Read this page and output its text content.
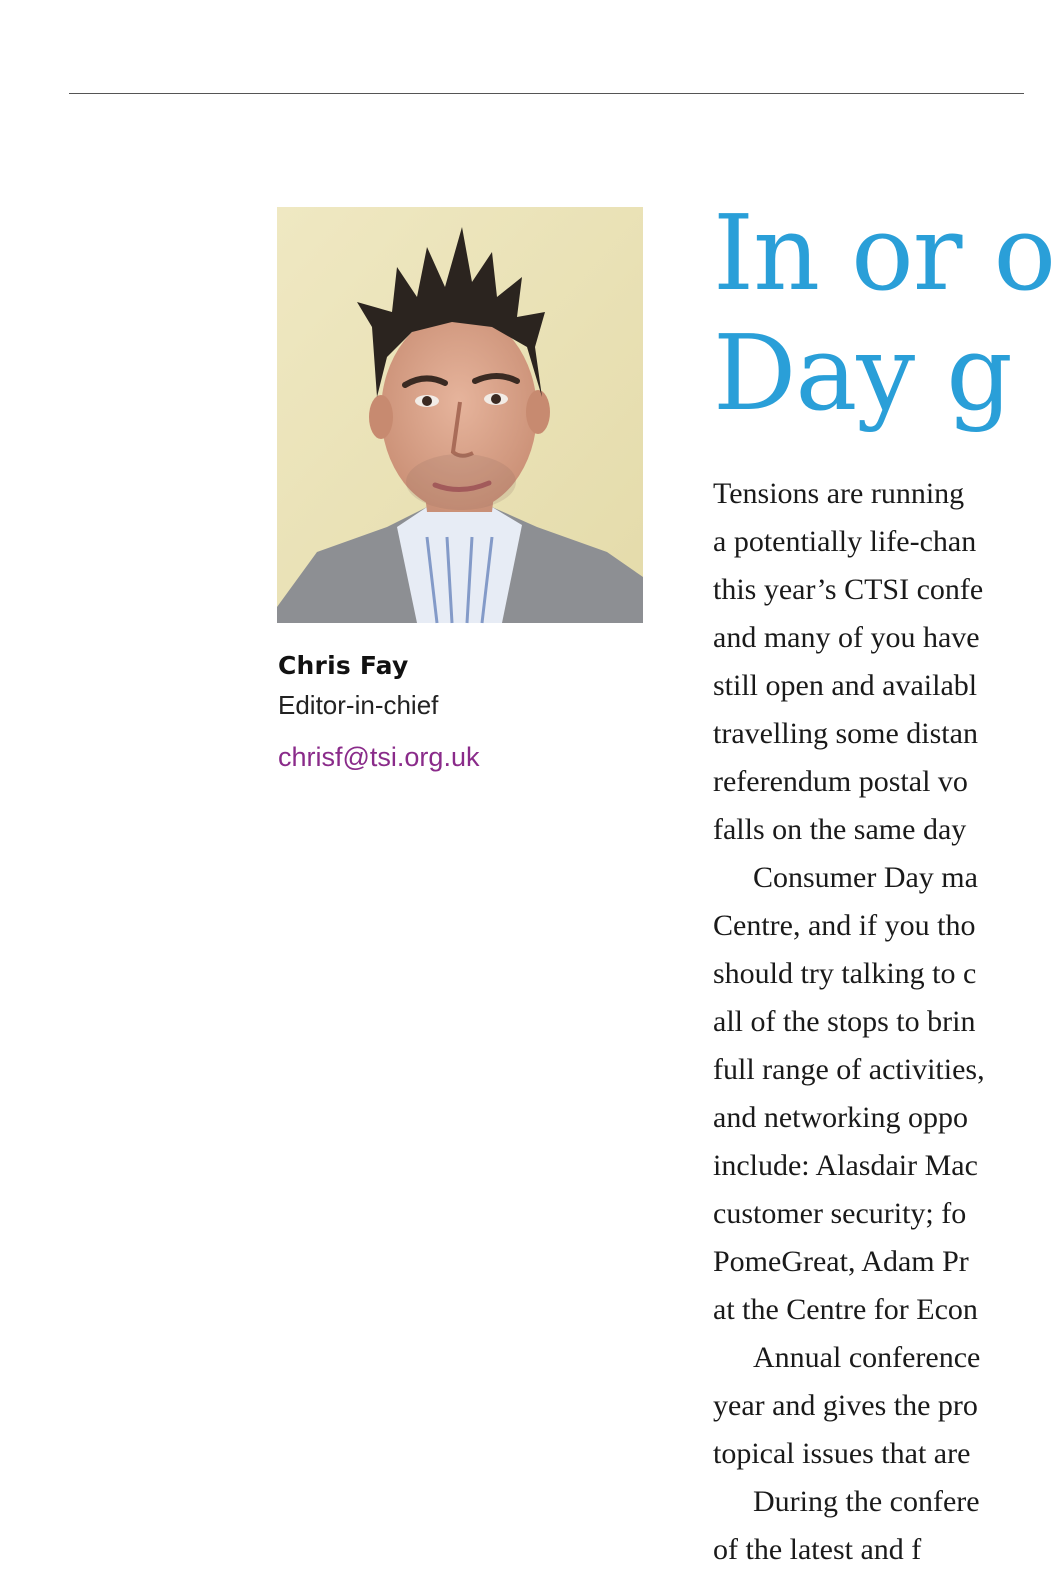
Chris Fay

Editor-in-chief

chrisf@tsi.org.uk
In or o
Day g
Tensions are running
a potentially life-chan
this year’s CTSI confe
and many of you have
still open and availabl
travelling some distan
referendum postal vo
falls on the same day
Consumer Day ma
Centre, and if you tho
should try talking to c
all of the stops to brin
full range of activities,
and networking oppo
include: Alasdair Mac
customer security; fo
PomeGreat, Adam Pr
at the Centre for Econ
Annual conference
year and gives the pro
topical issues that are
During the confere
of the latest and f
